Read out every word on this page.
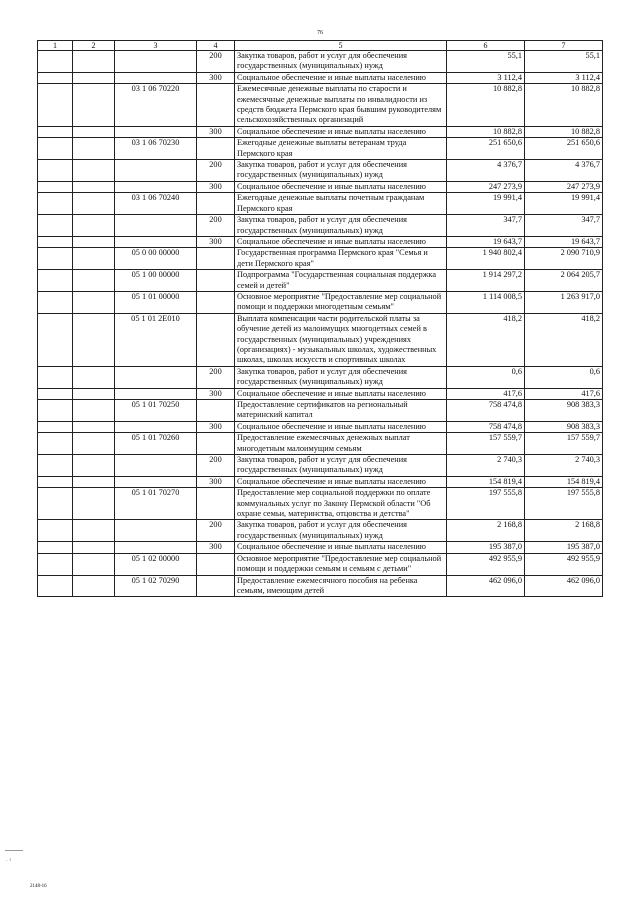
76
1	2	3	4	5	6	7
			200	Закупка товаров, работ и услуг для обеспечения государственных (муниципальных) нужд	55,1	55,1
			300	Социальное обеспечение и иные выплаты населению	3 112,4	3 112,4
		03 1 06 70220		Ежемесячные денежные выплаты по старости и ежемесячные денежные выплаты по инвалидности из средств бюджета Пермского края бывшим руководителям сельскохозяйственных организаций	10 882,8	10 882,8
			300	Социальное обеспечение и иные выплаты населению	10 882,8	10 882,8
		03 1 06 70230		Ежегодные денежные выплаты ветеранам труда Пермского края	251 650,6	251 650,6
			200	Закупка товаров, работ и услуг для обеспечения государственных (муниципальных) нужд	4 376,7	4 376,7
			300	Социальное обеспечение и иные выплаты населению	247 273,9	247 273,9
		03 1 06 70240		Ежегодные денежные выплаты почетным гражданам Пермского края	19 991,4	19 991,4
			200	Закупка товаров, работ и услуг для обеспечения государственных (муниципальных) нужд	347,7	347,7
			300	Социальное обеспечение и иные выплаты населению	19 643,7	19 643,7
		05 0 00 00000		Государственная программа Пермского края "Семья и дети Пермского края"	1 940 802,4	2 090 710,9
		05 1 00 00000		Подпрограмма "Государственная социальная поддержка семей и детей"	1 914 297,2	2 064 205,7
		05 1 01 00000		Основное мероприятие "Предоставление мер социальной помощи и поддержки многодетным семьям"	1 114 008,5	1 263 917,0
		05 1 01 2Е010		Выплата компенсации части родительской платы за обучение детей из малоимущих многодетных семей в государственных (муниципальных) учреждениях (организациях) - музыкальных школах, художественных школах, школах искусств и спортивных школах	418,2	418,2
			200	Закупка товаров, работ и услуг для обеспечения государственных (муниципальных) нужд	0,6	0,6
			300	Социальное обеспечение и иные выплаты населению	417,6	417,6
		05 1 01 70250		Предоставление сертификатов на региональный материнский капитал	758 474,8	908 383,3
			300	Социальное обеспечение и иные выплаты населению	758 474,8	908 383,3
		05 1 01 70260		Предоставление ежемесячных денежных выплат многодетным малоимущим семьям	157 559,7	157 559,7
			200	Закупка товаров, работ и услуг для обеспечения государственных (муниципальных) нужд	2 740,3	2 740,3
			300	Социальное обеспечение и иные выплаты населению	154 819,4	154 819,4
		05 1 01 70270		Предоставление мер социальной поддержки по оплате коммунальных услуг по Закону Пермской области "Об охране семьи, материнства, отцовства и детства"	197 555,8	197 555,8
			200	Закупка товаров, работ и услуг для обеспечения государственных (муниципальных) нужд	2 168,8	2 168,8
			300	Социальное обеспечение и иные выплаты населению	195 387,0	195 387,0
		05 1 02 00000		Основное мероприятие "Предоставление мер социальной помощи и поддержки семьям и семьям с детьми"	492 955,9	492 955,9
		05 1 02 70290		Предоставление ежемесячного пособия на ребенка семьям, имеющим детей	462 096,0	462 096,0
... 3
2148-16
